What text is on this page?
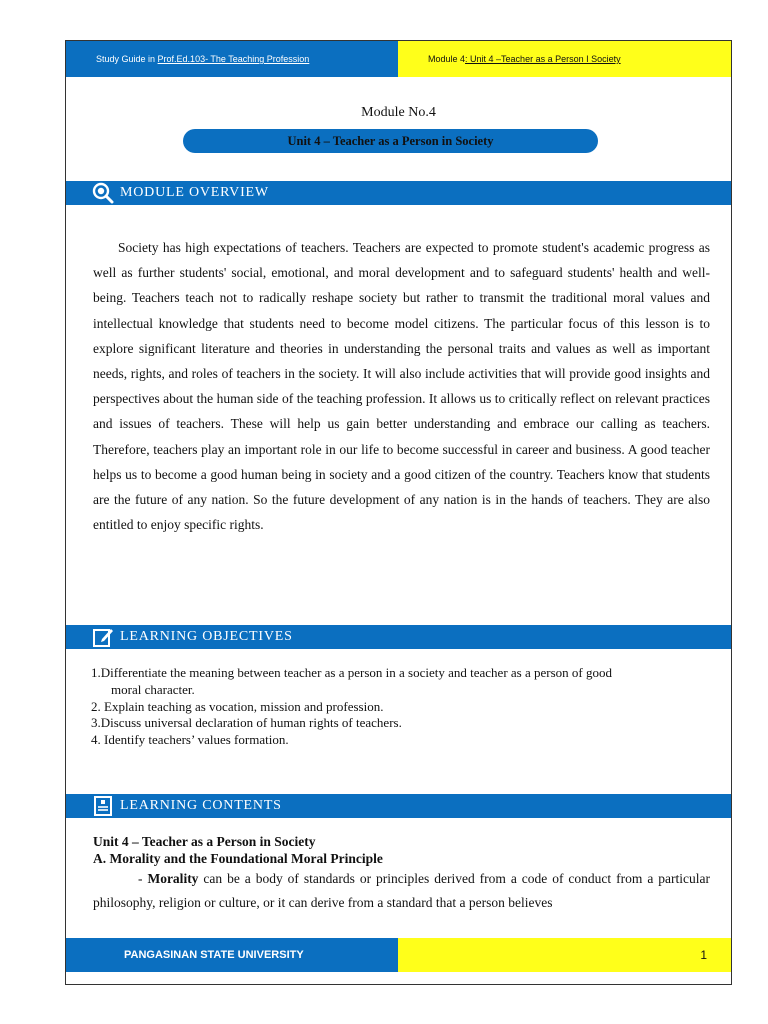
Study Guide in Prof.Ed.103- The Teaching Profession	Module 4 : Unit 4 –Teacher as a Person I Society
Module No.4
Unit 4 – Teacher as a Person in Society
MODULE OVERVIEW

Society has high expectations of teachers. Teachers are expected to promote student's academic progress as well as further students' social, emotional, and moral development and to safeguard students' health and well-being. Teachers teach not to radically reshape society but rather to transmit the traditional moral values and intellectual knowledge that students need to become model citizens. The particular focus of this lesson is to explore significant literature and theories in understanding the personal traits and values as well as important needs, rights, and roles of teachers in the society. It will also include activities that will provide good insights and perspectives about the human side of the teaching profession. It allows us to critically reflect on relevant practices and issues of teachers. These will help us gain better understanding and embrace our calling as teachers. Therefore, teachers play an important role in our life to become successful in career and business. A good teacher helps us to become a good human being in society and a good citizen of the country. Teachers know that students are the future of any nation. So the future development of any nation is in the hands of teachers. They are also entitled to enjoy specific rights.

LEARNING OBJECTIVES

1.Differentiate the meaning between teacher as a person in a society and teacher as a person of good

moral character.

2. Explain teaching as vocation, mission and profession.

3.Discuss universal declaration of human rights of teachers.

4. Identify teachers’ values formation.

LEARNING CONTENTS
Unit 4 – Teacher as a Person in Society
A. Morality and the Foundational Moral Principle

- Morality can be a body of standards or principles derived from a code of conduct from a particular philosophy, religion or culture, or it can derive from a standard that a person believes

PANGASINAN STATE UNIVERSITY	1
